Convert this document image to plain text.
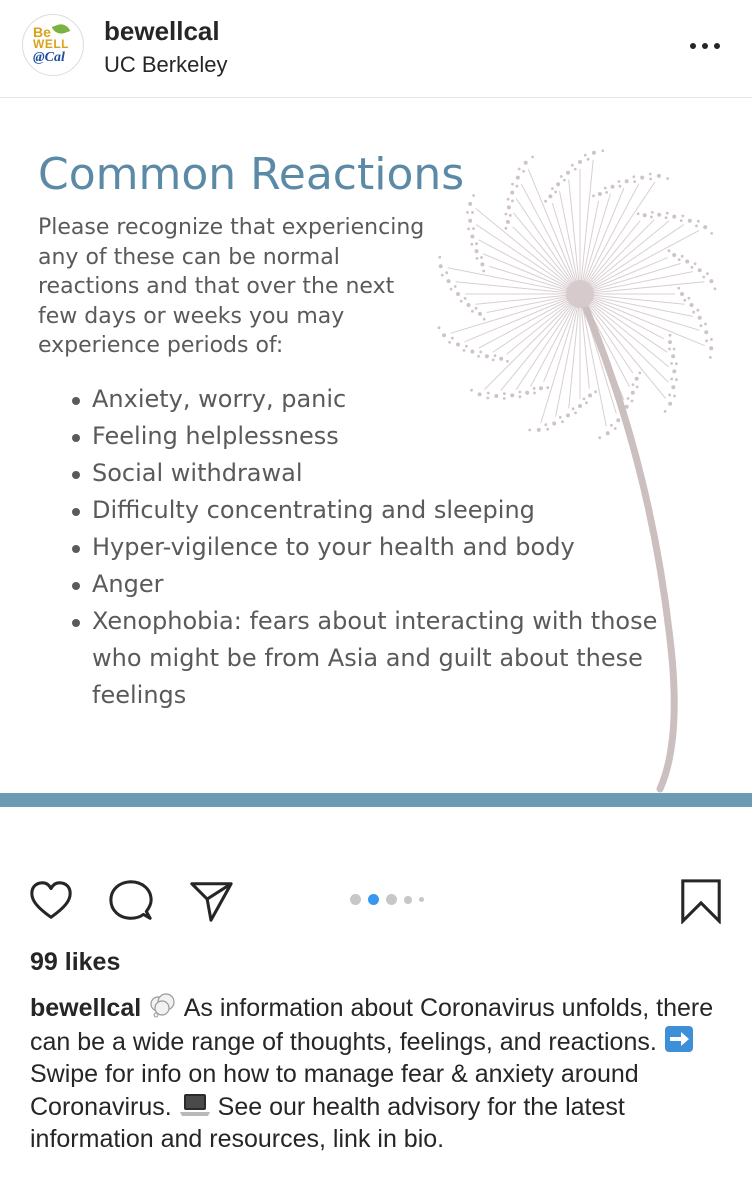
Be
WELL
@Cal
bewellcal
UC Berkeley
Common Reactions
Please recognize that experiencing any of these can be normal reactions and that over the next few days or weeks you may experience periods of:
Anxiety, worry, panic
Feeling helplessness
Social withdrawal
Difficulty concentrating and sleeping
Hyper-vigilence to your health and body
Anger
Xenophobia: fears about interacting with those who might be from Asia and guilt about these feelings
99 likes
bewellcal As information about Coronavirus unfolds, there can be a wide range of thoughts, feelings, and reactions.  Swipe for info on how to manage fear & anxiety around Coronavirus. See our health advisory for the latest information and resources, link in bio.
